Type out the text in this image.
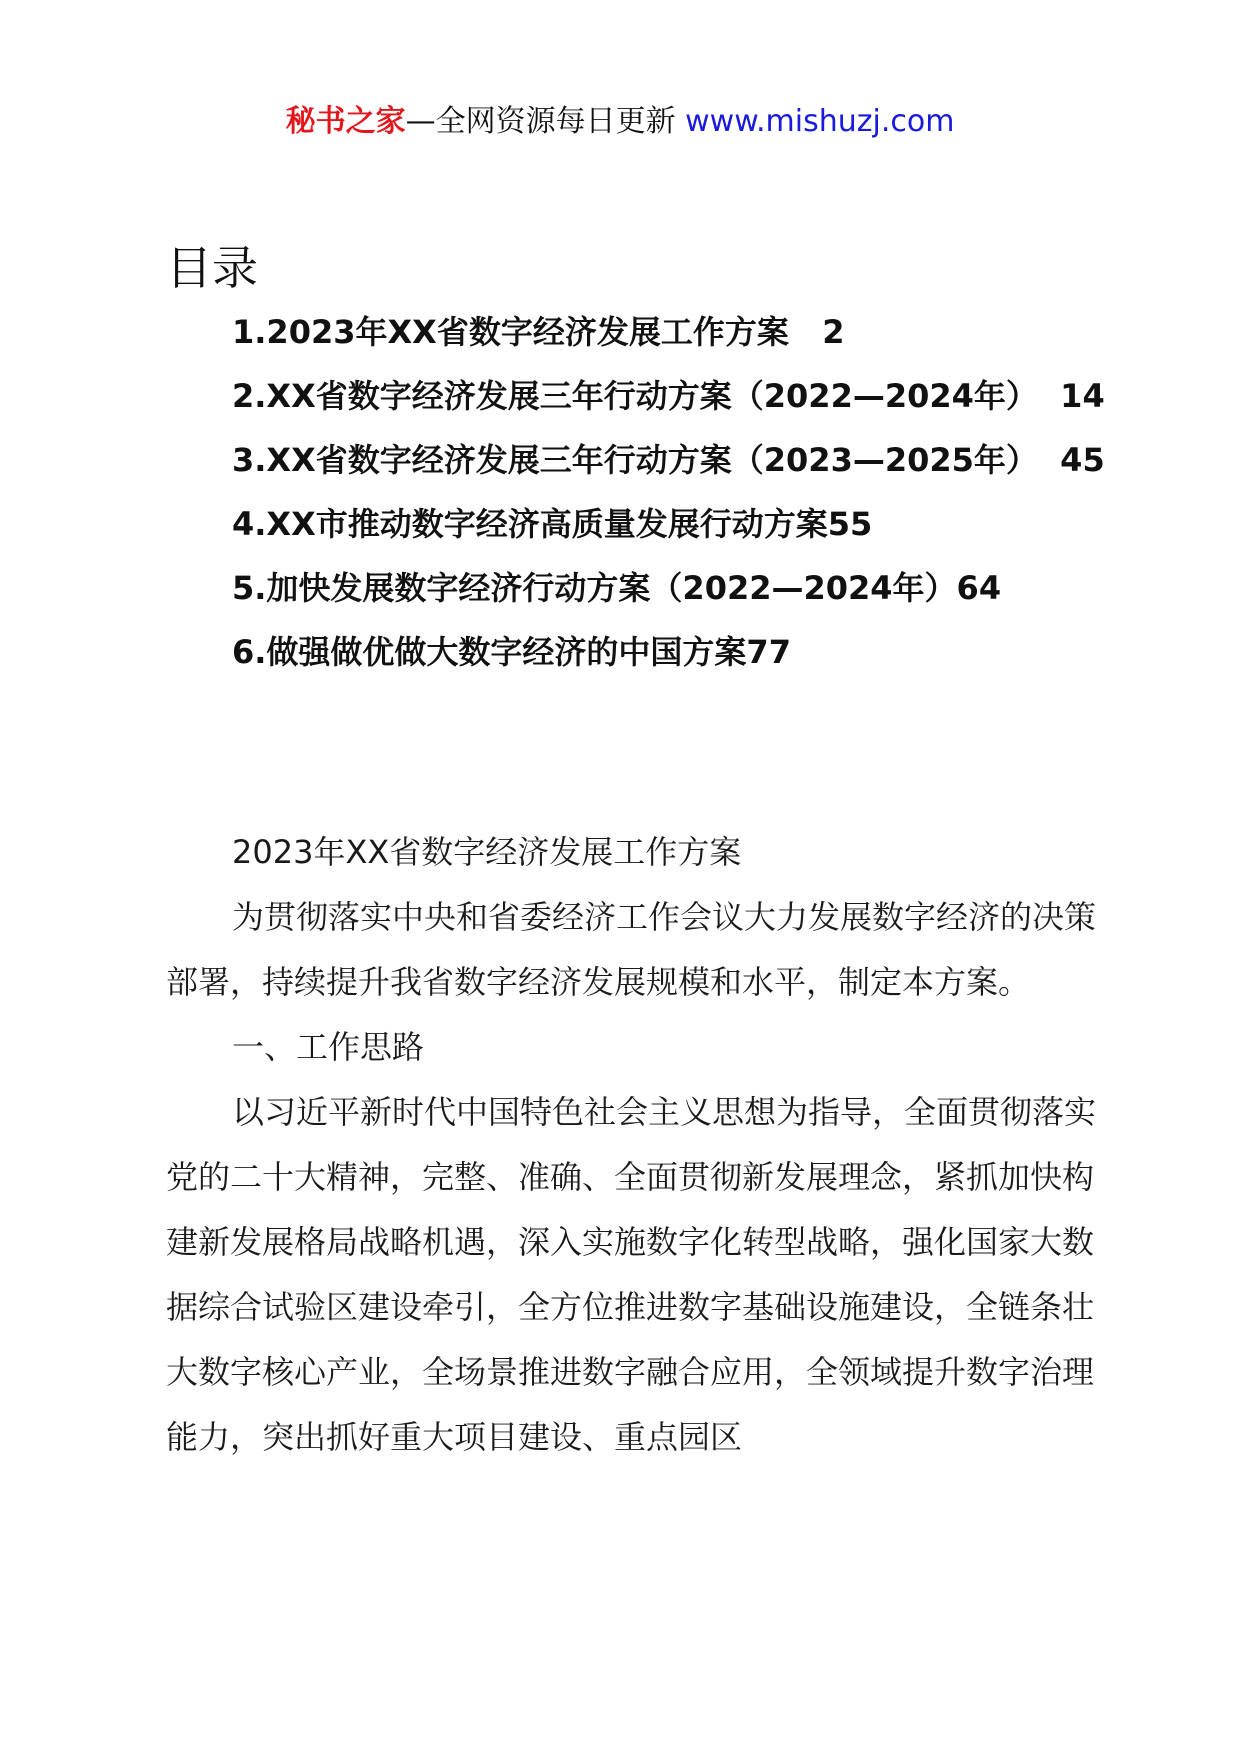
秘书之家—全网资源每日更新 www.mishuzj.com
目录

1.2023年XX省数字经济发展工作方案   2

2.XX省数字经济发展三年行动方案（2022—2024年）  14

3.XX省数字经济发展三年行动方案（2023—2025年）  45

4.XX市推动数字经济高质量发展行动方案55

5.加快发展数字经济行动方案（2022—2024年）64

6.做强做优做大数字经济的中国方案77

2023年XX省数字经济发展工作方案

为贯彻落实中央和省委经济工作会议大力发展数字经济的决策部署，持续提升我省数字经济发展规模和水平，制定本方案。

一、工作思路

以习近平新时代中国特色社会主义思想为指导，全面贯彻落实党的二十大精神，完整、准确、全面贯彻新发展理念，紧抓加快构建新发展格局战略机遇，深入实施数字化转型战略，强化国家大数据综合试验区建设牵引，全方位推进数字基础设施建设，全链条壮大数字核心产业，全场景推进数字融合应用，全领域提升数字治理能力，突出抓好重大项目建设、重点园区
